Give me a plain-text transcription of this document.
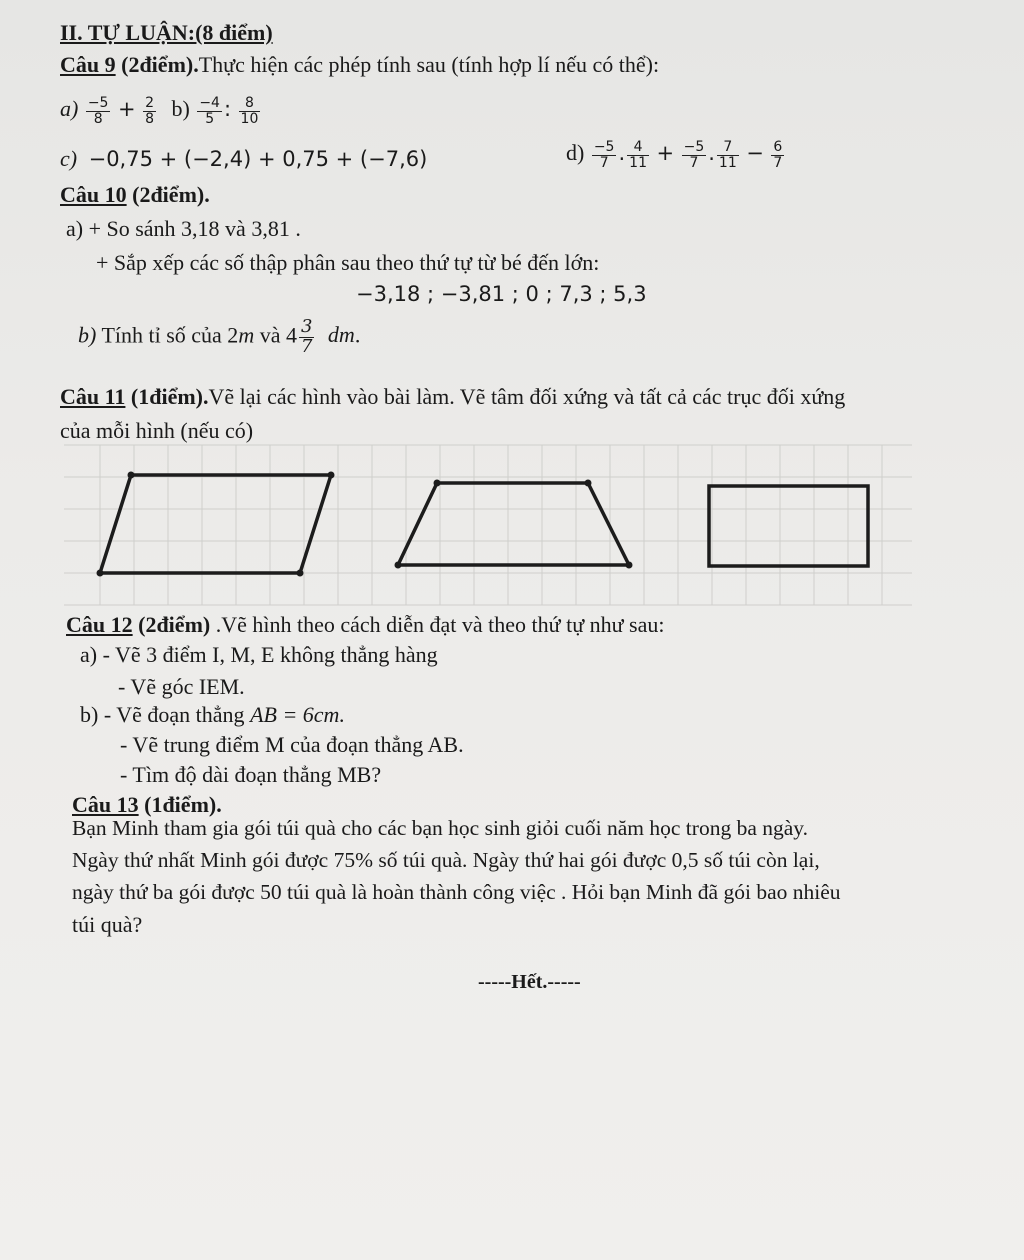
II. TỰ LUẬN:(8 điểm)
Câu 9 (2điểm).Thực hiện các phép tính sau (tính hợp lí nếu có thể):
$a) \frac{-5}{8} + \frac{2}{8} b) \frac{-4}{5}$ : $\frac{8}{10}$
c) −0,75 + (−2,4) + 0,75 + (−7,6)	$d) \frac{-5}{7}$ . $\frac{4}{11} + \frac{-5}{7}$ . $\frac{7}{11} - \frac{6}{7}$
Câu 10 (2điểm).
a) + So sánh 3,18 và 3,81 .
+ Sắp xếp các số thập phân sau theo thứ tự từ bé đến lớn:
−3,18 ; −3,81 ; 0 ; 7,3 ; 5,3
b) Tính tỉ số của 2m và $4 \frac{3}{7}$ dm.
Câu 11 (1điểm).Vẽ lại các hình vào bài làm. Vẽ tâm đối xứng và tất cả các trục đối xứng
của mỗi hình (nếu có)
Câu 12 (2điểm) .Vẽ hình theo cách diễn đạt và theo thứ tự như sau:
a) - Vẽ 3 điểm I, M, E không thẳng hàng
- Vẽ góc IEM.
b) - Vẽ đoạn thẳng AB = 6cm.
- Vẽ trung điểm M của đoạn thẳng AB.
- Tìm độ dài đoạn thẳng MB?
Câu 13 (1điểm).
Bạn Minh tham gia gói túi quà cho các bạn học sinh giỏi cuối năm học trong ba ngày.
Ngày thứ nhất Minh gói được 75% số túi quà. Ngày thứ hai gói được 0,5 số túi còn lại,
ngày thứ ba gói được 50 túi quà là hoàn thành công việc . Hỏi bạn Minh đã gói bao nhiêu
túi quà?
-----Hết.-----
